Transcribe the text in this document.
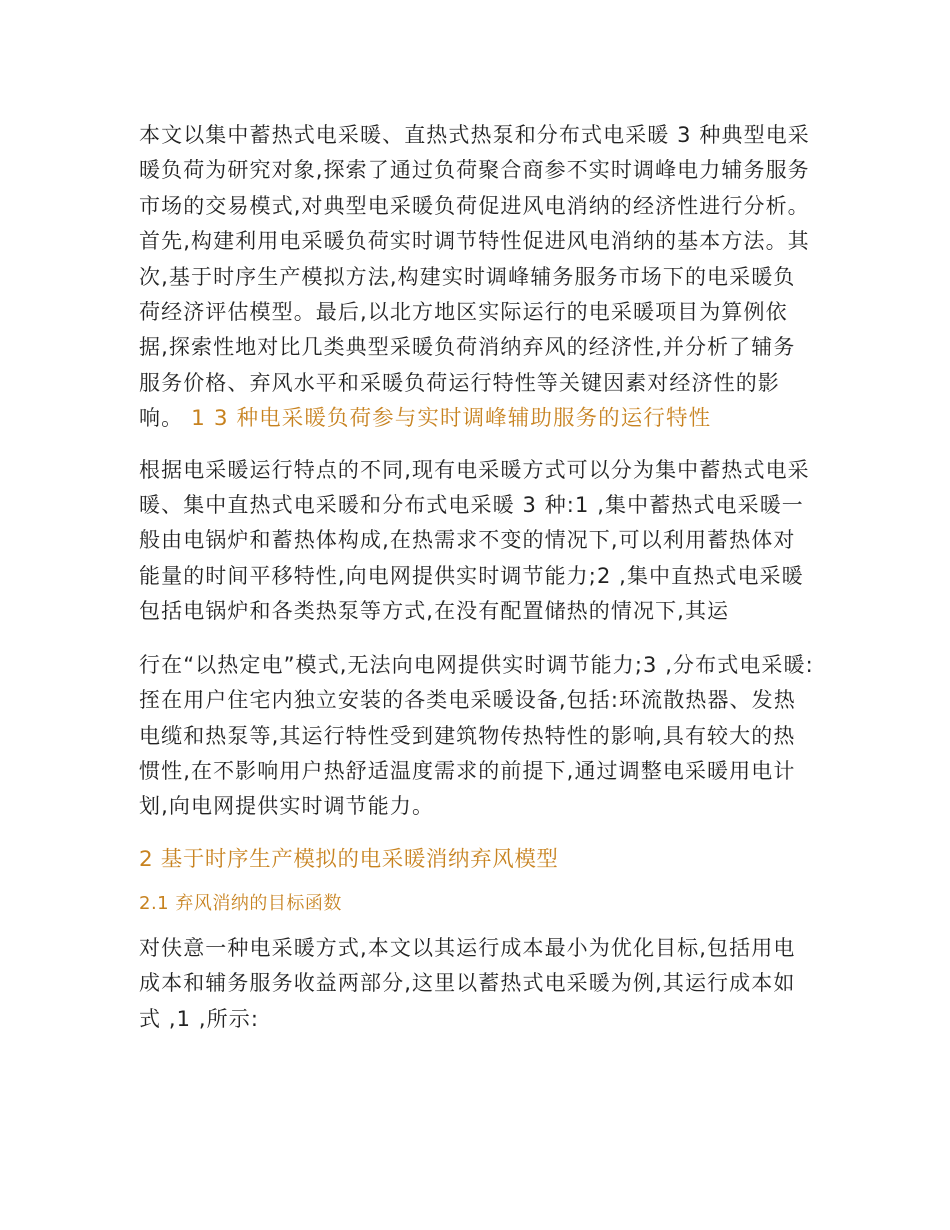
本文以集中蓄热式电采暖、直热式热泵和分布式电采暖 3 种典型电采暖负荷为研究对象,探索了通过负荷聚合商参不实时调峰电力辅务服务市场的交易模式,对典型电采暖负荷促进风电消纳的经济性进行分析。首先,构建利用电采暖负荷实时调节特性促进风电消纳的基本方法。其次,基于时序生产模拟方法,构建实时调峰辅务服务市场下的电采暖负荷经济评估模型。最后,以北方地区实际运行的电采暖项目为算例依据,探索性地对比几类典型采暖负荷消纳弃风的经济性,并分析了辅务服务价格、弃风水平和采暖负荷运行特性等关键因素对经济性的影响。 1 3 种电采暖负荷参与实时调峰辅助服务的运行特性

根据电采暖运行特点的不同,现有电采暖方式可以分为集中蓄热式电采暖、集中直热式电采暖和分布式电采暖 3 种:1 ,集中蓄热式电采暖一般由电锅炉和蓄热体构成,在热需求不变的情况下,可以利用蓄热体对能量的时间平移特性,向电网提供实时调节能力;2 ,集中直热式电采暖包括电锅炉和各类热泵等方式,在没有配置储热的情况下,其运

行在“以热定电”模式,无法向电网提供实时调节能力;3 ,分布式电采暖:挃在用户住宅内独立安装的各类电采暖设备,包括:环流散热器、发热电缆和热泵等,其运行特性受到建筑物传热特性的影响,具有较大的热惯性,在不影响用户热舒适温度需求的前提下,通过调整电采暖用电计划,向电网提供实时调节能力。

2 基于时序生产模拟的电采暖消纳弃风模型

2.1 弃风消纳的目标函数

对伕意一种电采暖方式,本文以其运行成本最小为优化目标,包括用电成本和辅务服务收益两部分,这里以蓄热式电采暖为例,其运行成本如式 ,1 ,所示:
